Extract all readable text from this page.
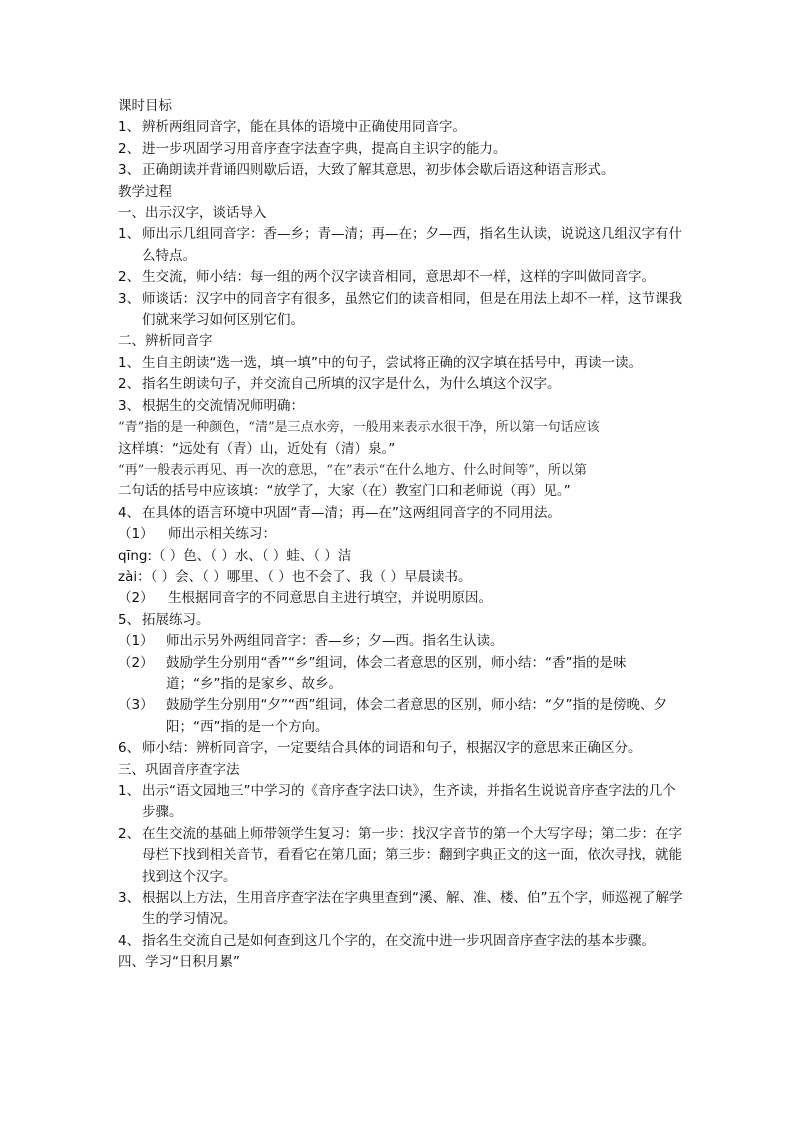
课时目标
1、 辨析两组同音字，能在具体的语境中正确使用同音字。
2、 进一步巩固学习用音序查字法查字典，提高自主识字的能力。
3、 正确朗读并背诵四则歇后语，大致了解其意思，初步体会歇后语这种语言形式。
教学过程
一、出示汉字，谈话导入
1、 师出示几组同音字：香—乡；青—清；再—在；夕—西，指名生认读，说说这几组汉字有什么特点。
2、 生交流，师小结：每一组的两个汉字读音相同，意思却不一样，这样的字叫做同音字。
3、 师谈话：汉字中的同音字有很多，虽然它们的读音相同，但是在用法上却不一样，这节课我们就来学习如何区别它们。
二、辨析同音字
1、 生自主朗读“选一选，填一填”中的句子，尝试将正确的汉字填在括号中，再读一读。
2、 指名生朗读句子，并交流自己所填的汉字是什么，为什么填这个汉字。
3、 根据生的交流情况师明确：
“青”指的是一种颜色，“清”是三点水旁，一般用来表示水很干净，所以第一句话应该
这样填：“远处有（青）山，近处有（清）泉。”
“再”一般表示再见、再一次的意思，“在”表示“在什么地方、什么时间等”，所以第
二句话的括号中应该填：“放学了，大家（在）教室门口和老师说（再）见。”
4、 在具体的语言环境中巩固“青—清；再—在”这两组同音字的不同用法。
（1）	师出示相关练习：
qīng:（ ）色、（ ）水、（ ）蛙、（ ）洁
zài：（ ）会、（ ）哪里、（ ）也不会了、我（ ）早晨读书。
（2）	生根据同音字的不同意思自主进行填空，并说明原因。
5、 拓展练习。
（1） 师出示另外两组同音字：香—乡；夕—西。指名生认读。
（2） 鼓励学生分别用“香”“乡”组词，体会二者意思的区别，师小结：“香”指的是味道；“乡”指的是家乡、故乡。
（3） 鼓励学生分别用“夕”“西”组词，体会二者意思的区别，师小结：“夕”指的是傍晚、夕阳；“西”指的是一个方向。
6、 师小结：辨析同音字，一定要结合具体的词语和句子，根据汉字的意思来正确区分。
三、巩固音序查字法
1、 出示“语文园地三”中学习的《音序查字法口诀》，生齐读，并指名生说说音序查字法的几个步骤。
2、 在生交流的基础上师带领学生复习：第一步：找汉字音节的第一个大写字母；第二步：在字母栏下找到相关音节，看看它在第几面；第三步：翻到字典正文的这一面，依次寻找，就能找到这个汉字。
3、 根据以上方法，生用音序查字法在字典里查到“溪、解、准、楼、伯”五个字，师巡视了解学生的学习情况。
4、 指名生交流自己是如何查到这几个字的，在交流中进一步巩固音序查字法的基本步骤。
四、学习“日积月累”
